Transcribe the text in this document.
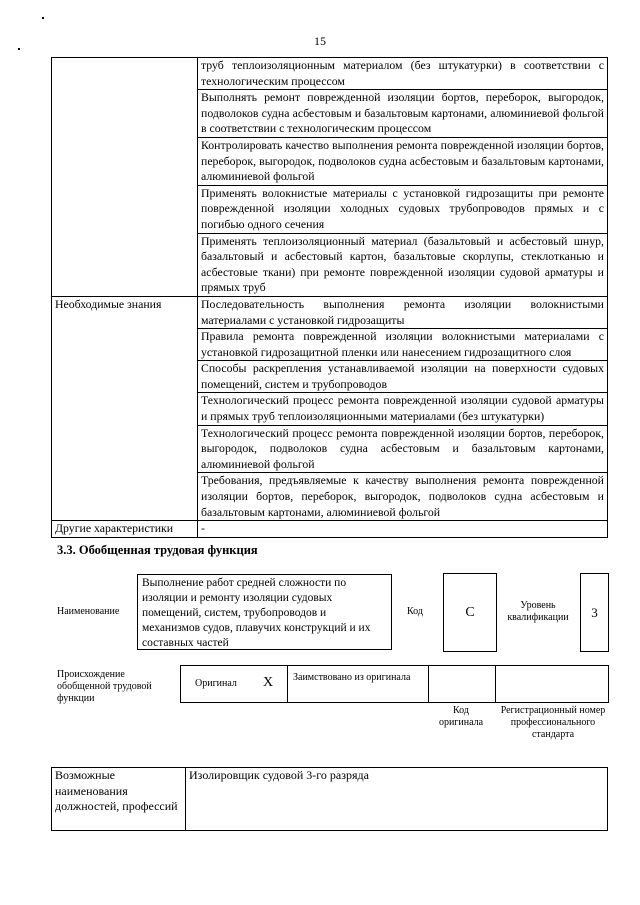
15
	труб теплоизоляционным материалом (без штукатурки) в соответствии с технологическим процессом
	Выполнять ремонт поврежденной изоляции бортов, переборок, выгородок, подволоков судна асбестовым и базальтовым картонами, алюминиевой фольгой в соответствии с технологическим процессом
	Контролировать качество выполнения ремонта поврежденной изоляции бортов, переборок, выгородок, подволоков судна асбестовым и базальтовым картонами, алюминиевой фольгой
	Применять волокнистые материалы с установкой гидрозащиты при ремонте поврежденной изоляции холодных судовых трубопроводов прямых и с погибью одного сечения
	Применять теплоизоляционный материал (базальтовый и асбестовый шнур, базальтовый и асбестовый картон, базальтовые скорлупы, стеклотканью и асбестовые ткани) при ремонте поврежденной изоляции судовой арматуры и прямых труб
Необходимые знания	Последовательность выполнения ремонта изоляции волокнистыми материалами с установкой гидрозащиты
	Правила ремонта поврежденной изоляции волокнистыми материалами с установкой гидрозащитной пленки или нанесением гидрозащитного слоя
	Способы раскрепления устанавливаемой изоляции на поверхности судовых помещений, систем и трубопроводов
	Технологический процесс ремонта поврежденной изоляции судовой арматуры и прямых труб теплоизоляционными материалами (без штукатурки)
	Технологический процесс ремонта поврежденной изоляции бортов, переборок, выгородок, подволоков судна асбестовым и базальтовым картонами, алюминиевой фольгой
	Требования, предъявляемые к качеству выполнения ремонта поврежденной изоляции бортов, переборок, выгородок, подволоков судна асбестовым и базальтовым картонами, алюминиевой фольгой
Другие характеристики	-
3.3. Обобщенная трудовая функция
Наименование
Выполнение работ средней сложности по изоляции и ремонту изоляции судовых помещений, систем, трубопроводов и механизмов судов, плавучих конструкций и их составных частей
Код	C	Уровень квалификации	3
Происхождение обобщенной трудовой функции
Оригинал X Заимствовано из оригинала
Код оригинала
Регистрационный номер профессионального стандарта
Возможные наименования должностей, профессий	Изолировщик судовой 3-го разряда
